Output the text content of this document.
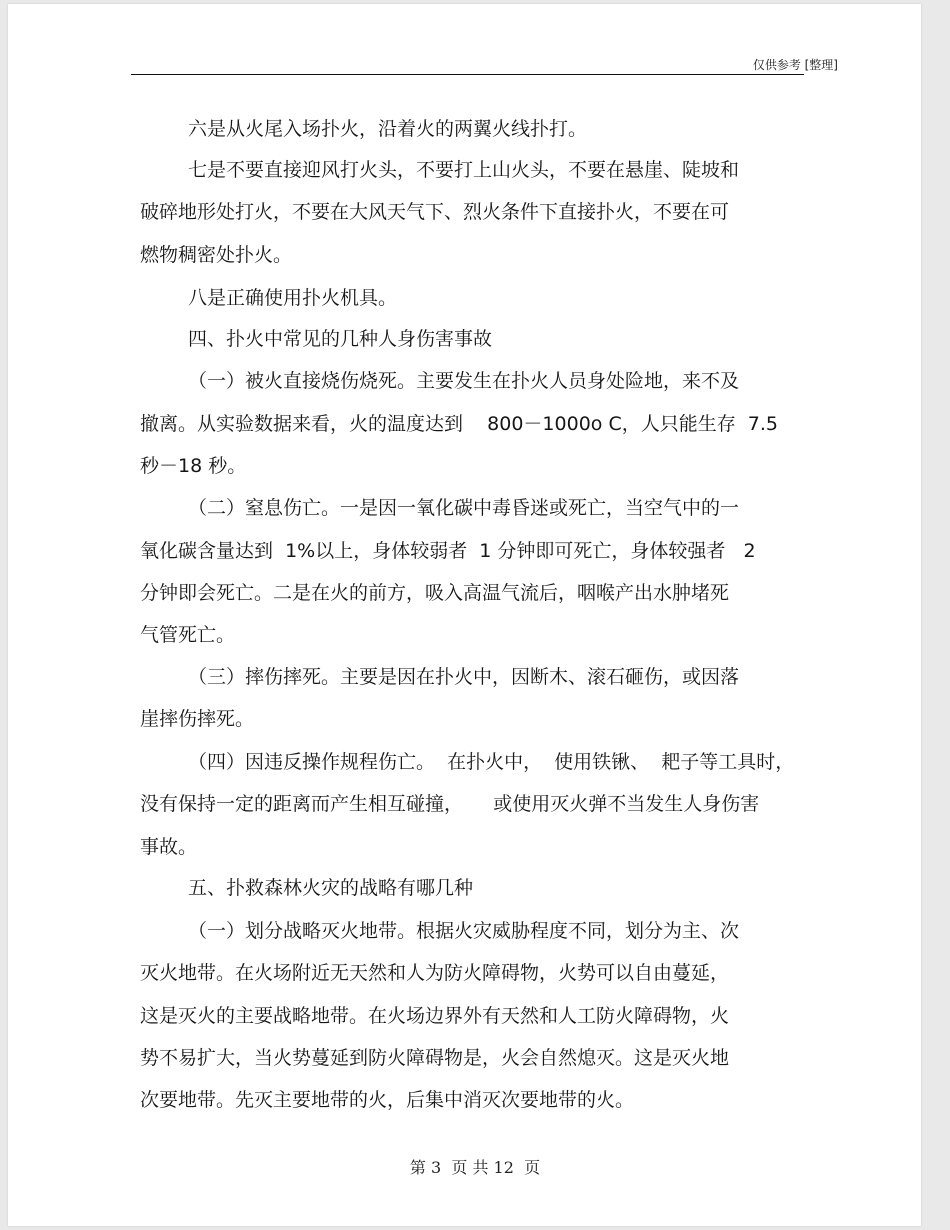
仅供参考 [整理]
六是从火尾入场扑火，沿着火的两翼火线扑打。
七是不要直接迎风打火头，不要打上山火头，不要在悬崖、陡坡和
破碎地形处打火，不要在大风天气下、烈火条件下直接扑火，不要在可
燃物稠密处扑火。
八是正确使用扑火机具。
四、扑火中常见的几种人身伤害事故
（一）被火直接烧伤烧死。主要发生在扑火人员身处险地，来不及
撤离。从实验数据来看，火的温度达到    800－1000o C，人只能生存  7.5
秒－18 秒。
（二）窒息伤亡。一是因一氧化碳中毒昏迷或死亡，当空气中的一
氧化碳含量达到  1%以上，身体较弱者  1 分钟即可死亡，身体较强者   2
分钟即会死亡。二是在火的前方，吸入高温气流后，咽喉产出水肿堵死
气管死亡。
（三）摔伤摔死。主要是因在扑火中，因断木、滚石砸伤，或因落
崖摔伤摔死。
（四）因违反操作规程伤亡。  在扑火中，  使用铁锹、  耙子等工具时，
没有保持一定的距离而产生相互碰撞，     或使用灭火弹不当发生人身伤害
事故。
五、扑救森林火灾的战略有哪几种
（一）划分战略灭火地带。根据火灾威胁程度不同，划分为主、次
灭火地带。在火场附近无天然和人为防火障碍物，火势可以自由蔓延，
这是灭火的主要战略地带。在火场边界外有天然和人工防火障碍物，火
势不易扩大，当火势蔓延到防火障碍物是，火会自然熄灭。这是灭火地
次要地带。先灭主要地带的火，后集中消灭次要地带的火。
第 3  页 共 12  页
